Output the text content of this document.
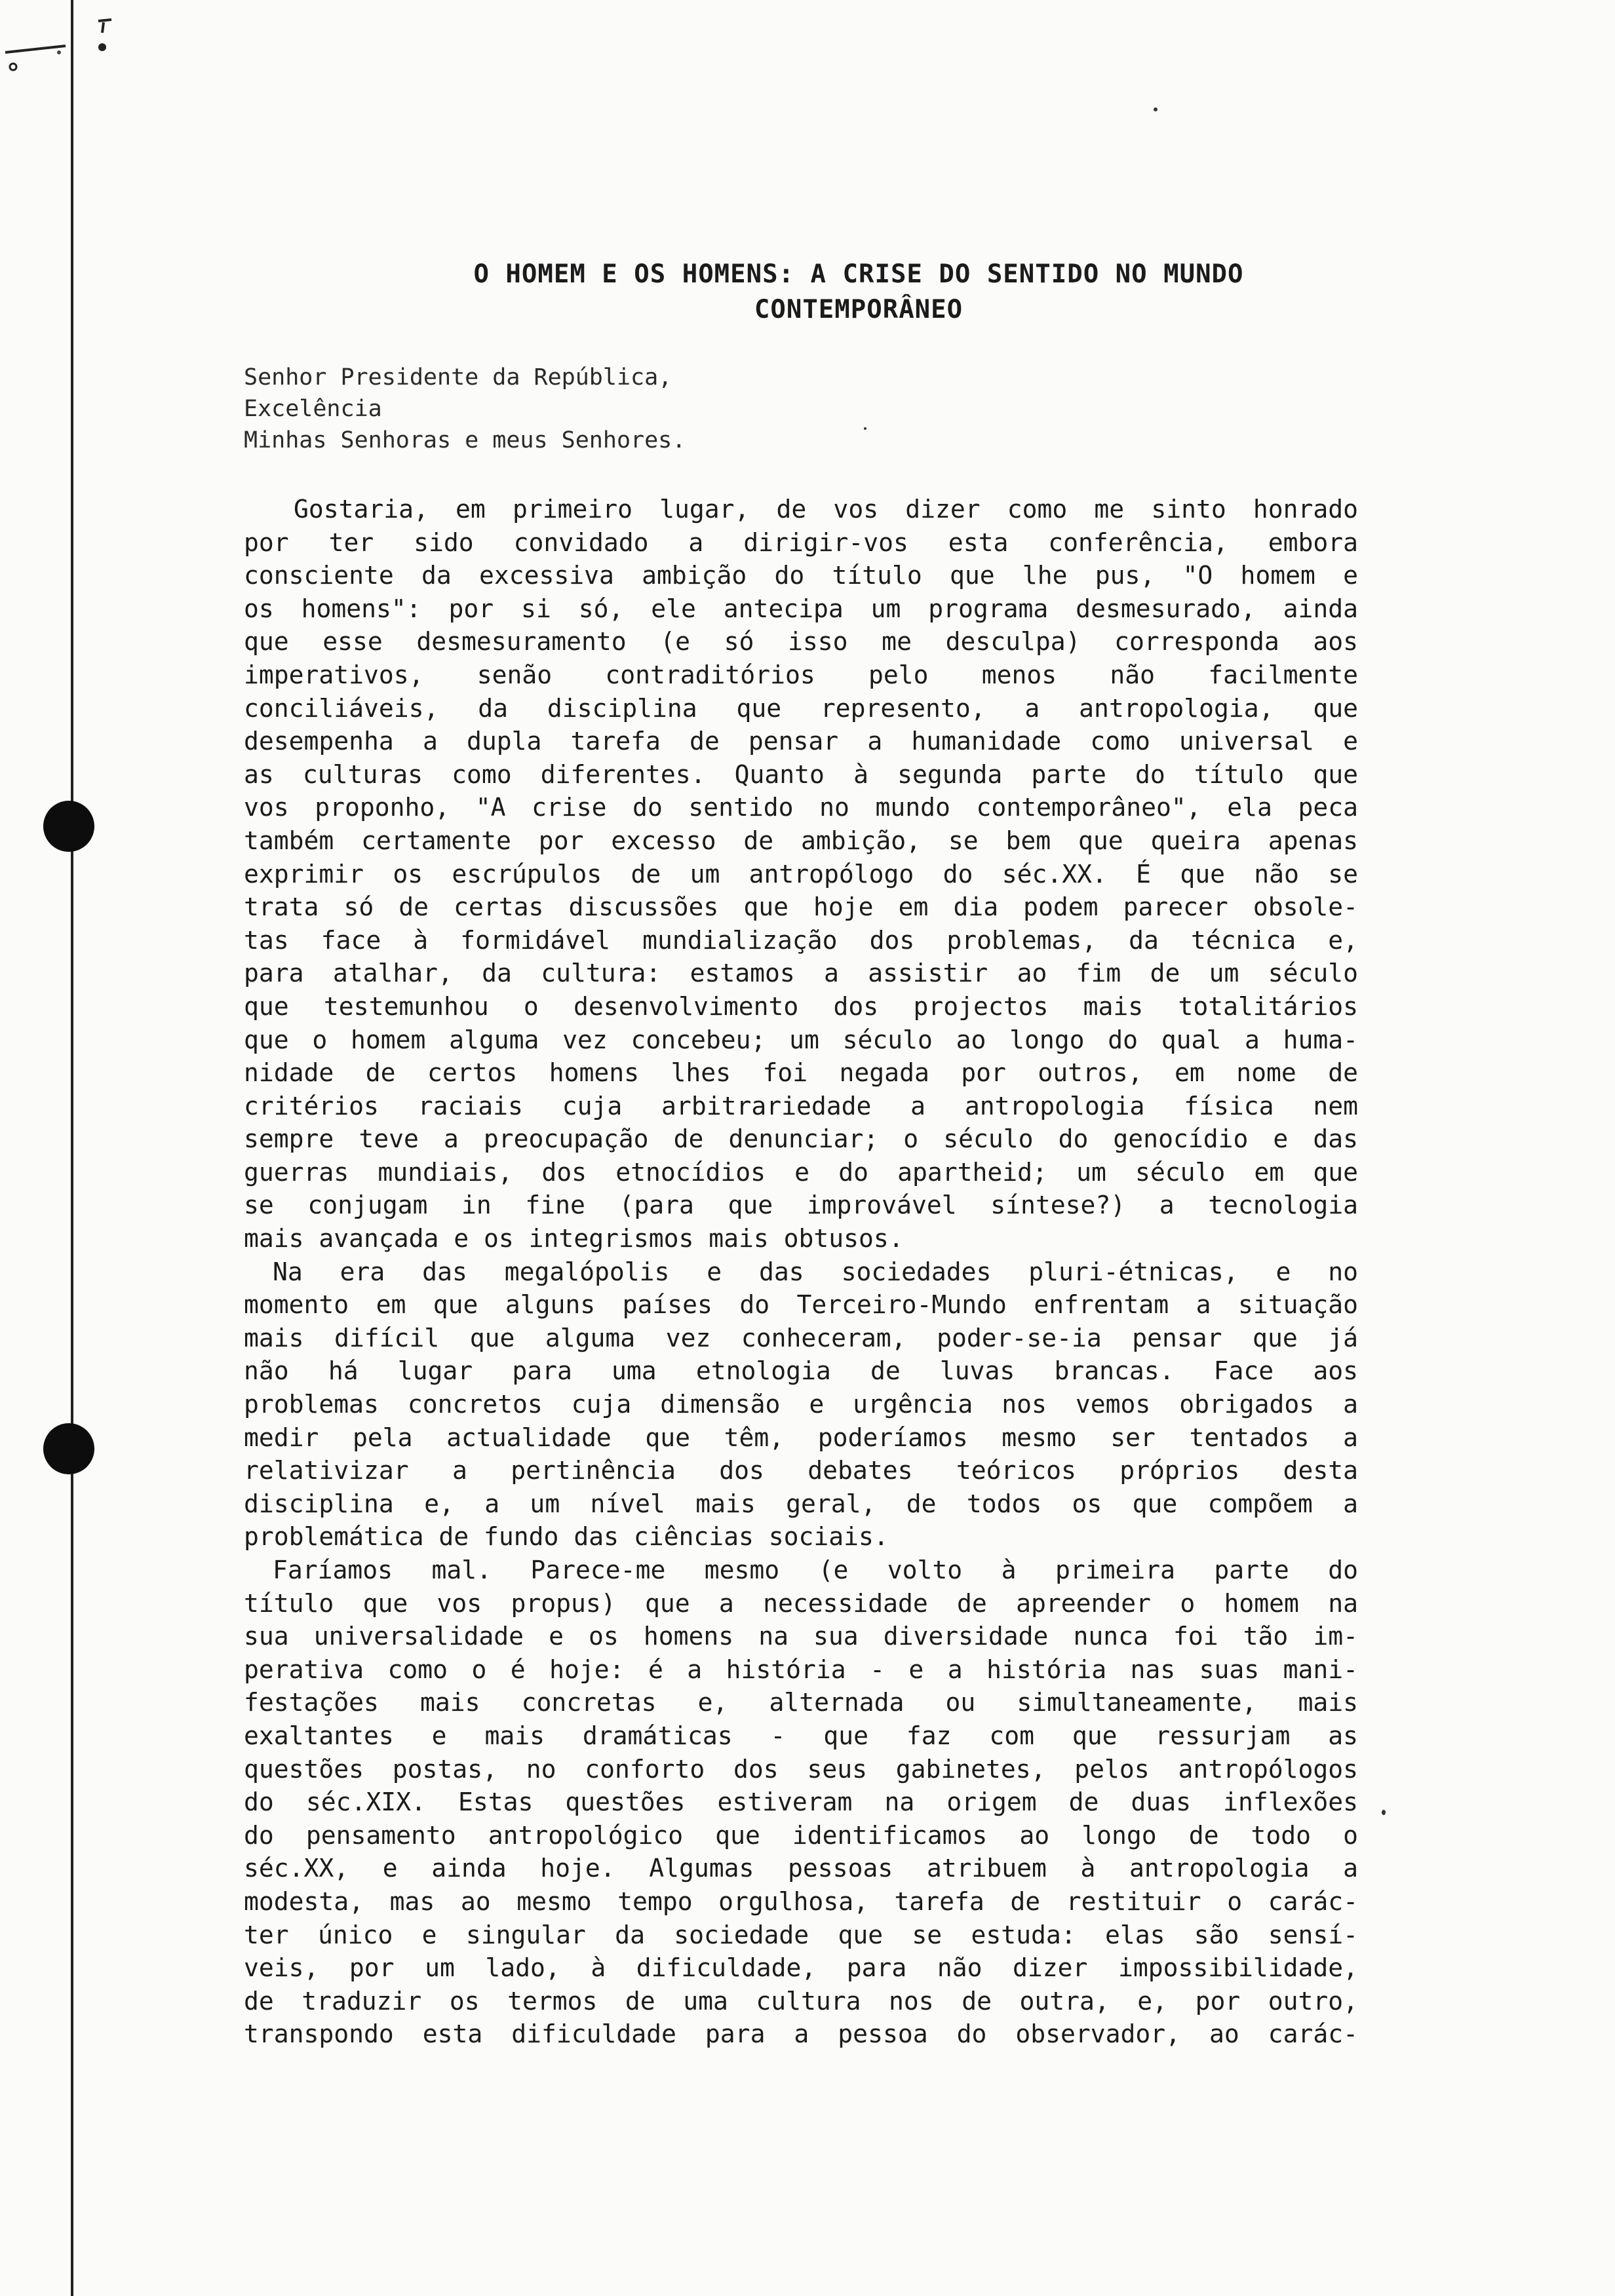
O HOMEM E OS HOMENS: A CRISE DO SENTIDO NO MUNDO
CONTEMPORÂNEO
Senhor Presidente da República,
Excelência
Minhas Senhoras e meus Senhores.
Gostaria, em primeiro lugar, de vos dizer como me sinto honrado
por ter sido convidado a dirigir-vos esta conferência, embora
consciente da excessiva ambição do título que lhe pus, "O homem e
os homens": por si só, ele antecipa um programa desmesurado, ainda
que esse desmesuramento (e só isso me desculpa) corresponda aos
imperativos, senão contraditórios pelo menos não facilmente
conciliáveis, da disciplina que represento, a antropologia, que
desempenha a dupla tarefa de pensar a humanidade como universal e
as culturas como diferentes. Quanto à segunda parte do título que
vos proponho, "A crise do sentido no mundo contemporâneo", ela peca
também certamente por excesso de ambição, se bem que queira apenas
exprimir os escrúpulos de um antropólogo do séc.XX. É que não se
trata só de certas discussões que hoje em dia podem parecer obsole-
tas face à formidável mundialização dos problemas, da técnica e,
para atalhar, da cultura: estamos a assistir ao fim de um século
que testemunhou o desenvolvimento dos projectos mais totalitários
que o homem alguma vez concebeu; um século ao longo do qual a huma-
nidade de certos homens lhes foi negada por outros, em nome de
critérios raciais cuja arbitrariedade a antropologia física nem
sempre teve a preocupação de denunciar; o século do genocídio e das
guerras mundiais, dos etnocídios e do apartheid; um século em que
se conjugam in fine (para que improvável síntese?) a tecnologia
mais avançada e os integrismos mais obtusos.
Na era das megalópolis e das sociedades pluri-étnicas, e no
momento em que alguns países do Terceiro-Mundo enfrentam a situação
mais difícil que alguma vez conheceram, poder-se-ia pensar que já
não há lugar para uma etnologia de luvas brancas. Face aos
problemas concretos cuja dimensão e urgência nos vemos obrigados a
medir pela actualidade que têm, poderíamos mesmo ser tentados a
relativizar a pertinência dos debates teóricos próprios desta
disciplina e, a um nível mais geral, de todos os que compõem a
problemática de fundo das ciências sociais.
Faríamos mal. Parece-me mesmo (e volto à primeira parte do
título que vos propus) que a necessidade de apreender o homem na
sua universalidade e os homens na sua diversidade nunca foi tão im-
perativa como o é hoje: é a história - e a história nas suas mani-
festações mais concretas e, alternada ou simultaneamente, mais
exaltantes e mais dramáticas - que faz com que ressurjam as
questões postas, no conforto dos seus gabinetes, pelos antropólogos
do séc.XIX. Estas questões estiveram na origem de duas inflexões
do pensamento antropológico que identificamos ao longo de todo o
séc.XX, e ainda hoje. Algumas pessoas atribuem à antropologia a
modesta, mas ao mesmo tempo orgulhosa, tarefa de restituir o carác-
ter único e singular da sociedade que se estuda: elas são sensí-
veis, por um lado, à dificuldade, para não dizer impossibilidade,
de traduzir os termos de uma cultura nos de outra, e, por outro,
transpondo esta dificuldade para a pessoa do observador, ao carác-
